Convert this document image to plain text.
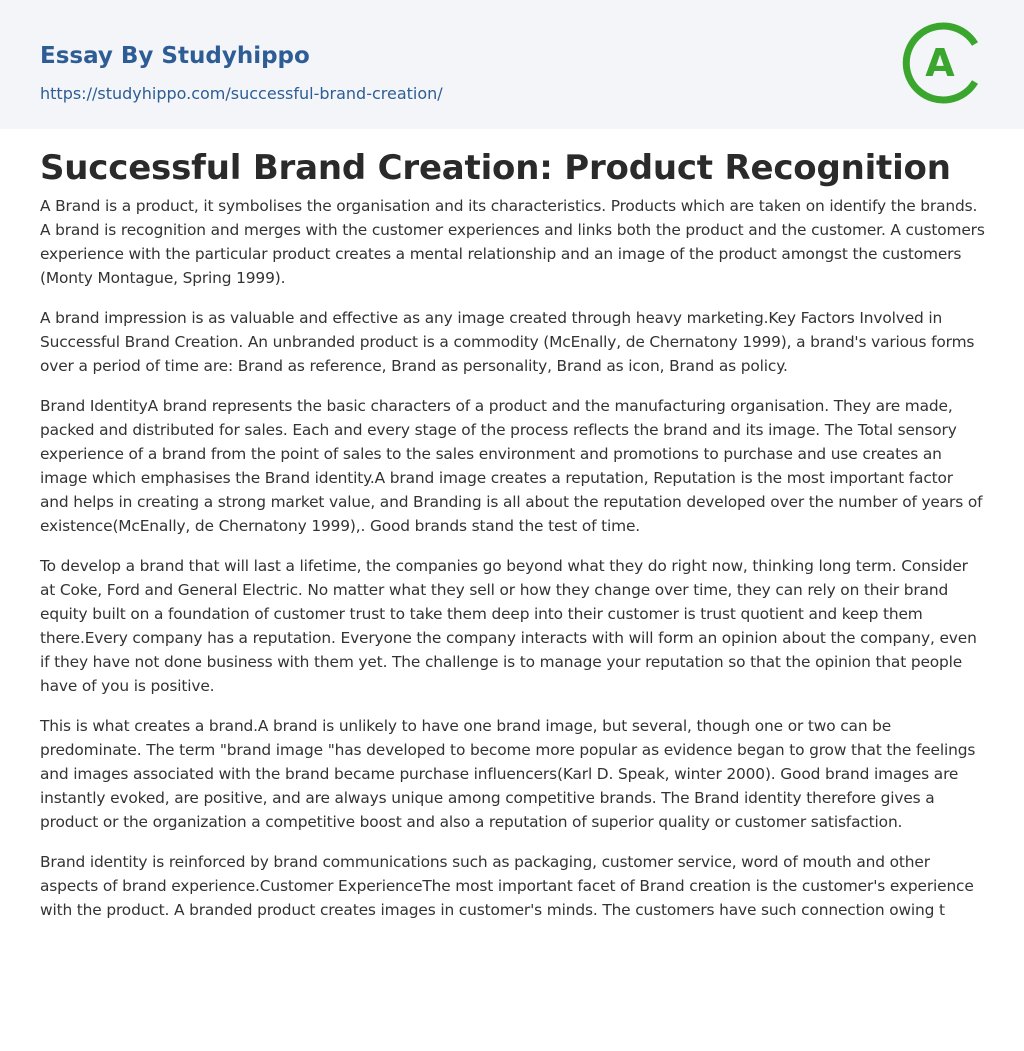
Essay By Studyhippo
https://studyhippo.com/successful-brand-creation/
A
Successful Brand Creation: Product Recognition

A Brand is a product, it symbolises the organisation and its characteristics. Products which are taken on identify the brands. A brand is recognition and merges with the customer experiences and links both the product and the customer. A customers experience with the particular product creates a mental relationship and an image of the product amongst the customers (Monty Montague, Spring 1999).

A brand impression is as valuable and effective as any image created through heavy marketing.Key Factors Involved in Successful Brand Creation. An unbranded product is a commodity (McEnally, de Chernatony 1999), a brand's various forms over a period of time are: Brand as reference, Brand as personality, Brand as icon, Brand as policy.

Brand IdentityA brand represents the basic characters of a product and the manufacturing organisation. They are made, packed and distributed for sales. Each and every stage of the process reflects the brand and its image. The Total sensory experience of a brand from the point of sales to the sales environment and promotions to purchase and use creates an image which emphasises the Brand identity.A brand image creates a reputation, Reputation is the most important factor and helps in creating a strong market value, and Branding is all about the reputation developed over the number of years of existence(McEnally, de Chernatony 1999),. Good brands stand the test of time.

To develop a brand that will last a lifetime, the companies go beyond what they do right now, thinking long term. Consider at Coke, Ford and General Electric. No matter what they sell or how they change over time, they can rely on their brand equity built on a foundation of customer trust to take them deep into their customer is trust quotient and keep them there.Every company has a reputation. Everyone the company interacts with will form an opinion about the company, even if they have not done business with them yet. The challenge is to manage your reputation so that the opinion that people have of you is positive.

This is what creates a brand.A brand is unlikely to have one brand image, but several, though one or two can be predominate. The term "brand image "has developed to become more popular as evidence began to grow that the feelings and images associated with the brand became purchase influencers(Karl D. Speak, winter 2000). Good brand images are instantly evoked, are positive, and are always unique among competitive brands. The Brand identity therefore gives a product or the organization a competitive boost and also a reputation of superior quality or customer satisfaction.

Brand identity is reinforced by brand communications such as packaging, customer service, word of mouth and other aspects of brand experience.Customer ExperienceThe most important facet of Brand creation is the customer's experience with the product. A branded product creates images in customer's minds. The customers have such connection owing t
